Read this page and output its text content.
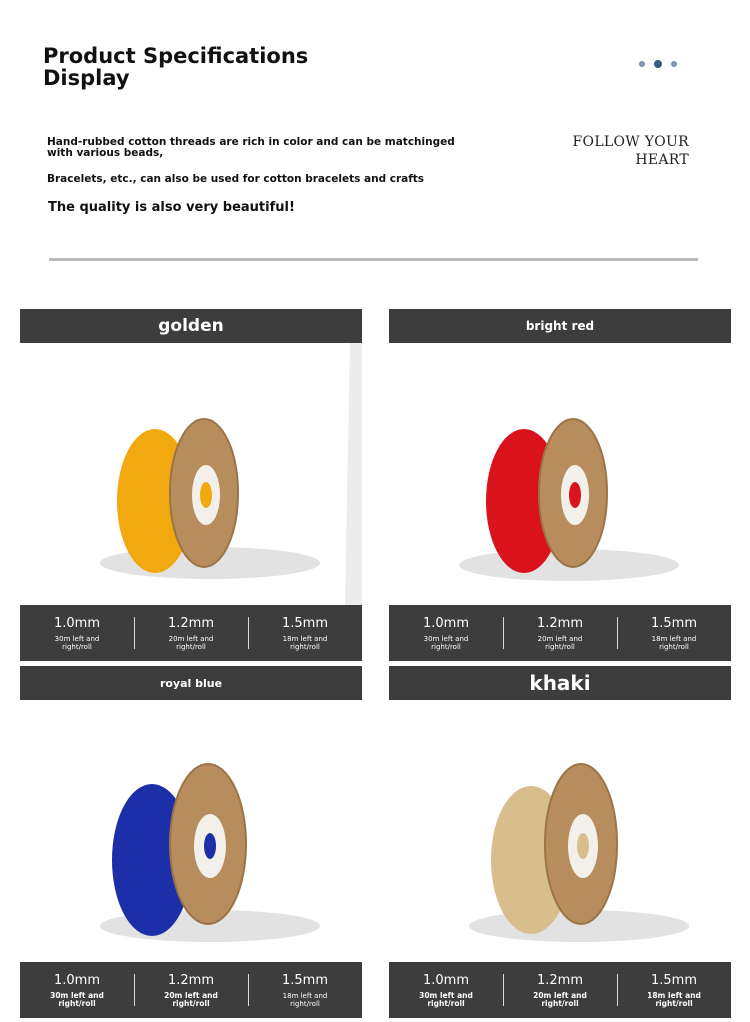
Product Specifications Display
Hand-rubbed cotton threads are rich in color and can be matchinged with various beads,
Bracelets, etc., can also be used for cotton bracelets and crafts
The quality is also very beautiful!
FOLLOW YOUR
HEART
golden
1.0mm
30m left and right/roll
1.2mm
20m left and right/roll
1.5mm
18m left and right/roll
bright red
1.0mm
30m left and right/roll
1.2mm
20m left and right/roll
1.5mm
18m left and right/roll
royal blue
1.0mm
30m left and right/roll
1.2mm
20m left and right/roll
1.5mm
18m left and right/roll
khaki
1.0mm
30m left and right/roll
1.2mm
20m left and right/roll
1.5mm
18m left and right/roll
